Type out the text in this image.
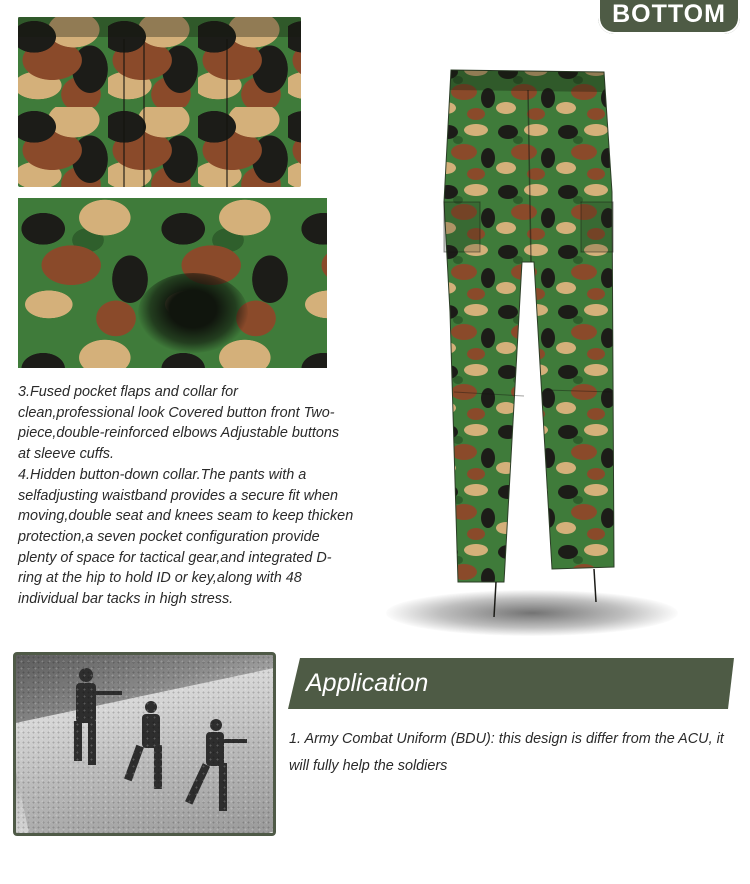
BOTTOM

3.Fused pocket flaps and collar for clean,professional look Covered button front Two-piece,double-reinforced elbows Adjustable buttons at sleeve cuffs.

4.Hidden button-down collar.The pants with a selfadjusting waistband provides a secure fit when moving,double seat and knees seam to keep thicken protection,a seven pocket configuration provide plenty of space for tactical gear,and integrated D-ring at the hip to hold ID or key,along with 48 individual bar tacks in high stress.

Application
1. Army Combat Uniform (BDU): this design is differ from the ACU, it will fully help the soldiers
